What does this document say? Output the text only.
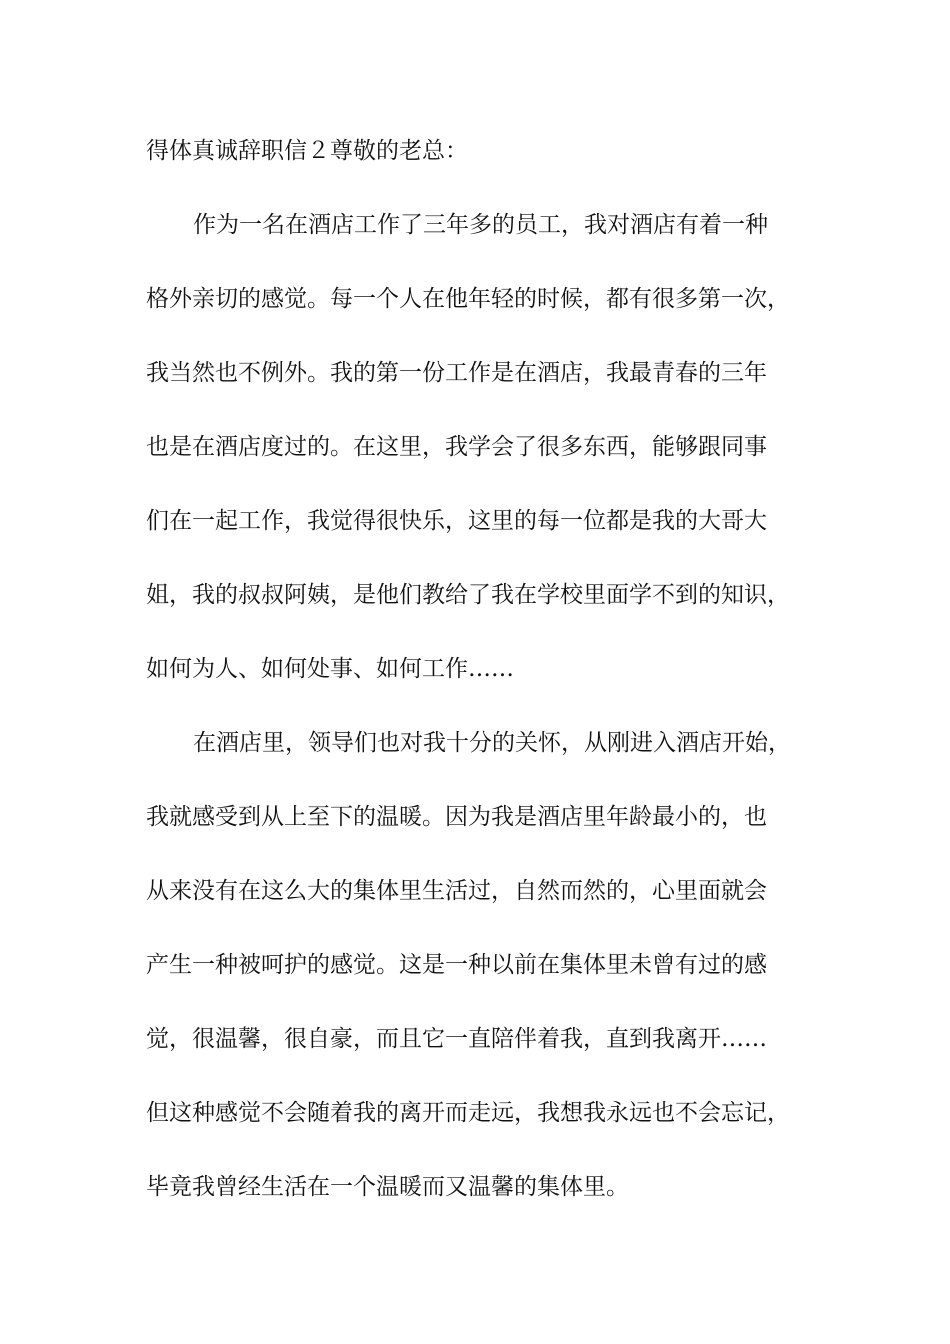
得体真诚辞职信２尊敬的老总：
作为一名在酒店工作了三年多的员工，我对酒店有着一种
格外亲切的感觉。每一个人在他年轻的时候，都有很多第一次，
我当然也不例外。我的第一份工作是在酒店，我最青春的三年
也是在酒店度过的。在这里，我学会了很多东西，能够跟同事
们在一起工作，我觉得很快乐，这里的每一位都是我的大哥大
姐，我的叔叔阿姨，是他们教给了我在学校里面学不到的知识，
如何为人、如何处事、如何工作……
在酒店里，领导们也对我十分的关怀，从刚进入酒店开始，
我就感受到从上至下的温暖。因为我是酒店里年龄最小的，也
从来没有在这么大的集体里生活过，自然而然的，心里面就会
产生一种被呵护的感觉。这是一种以前在集体里未曾有过的感
觉，很温馨，很自豪，而且它一直陪伴着我，直到我离开……
但这种感觉不会随着我的离开而走远，我想我永远也不会忘记，
毕竟我曾经生活在一个温暖而又温馨的集体里。
